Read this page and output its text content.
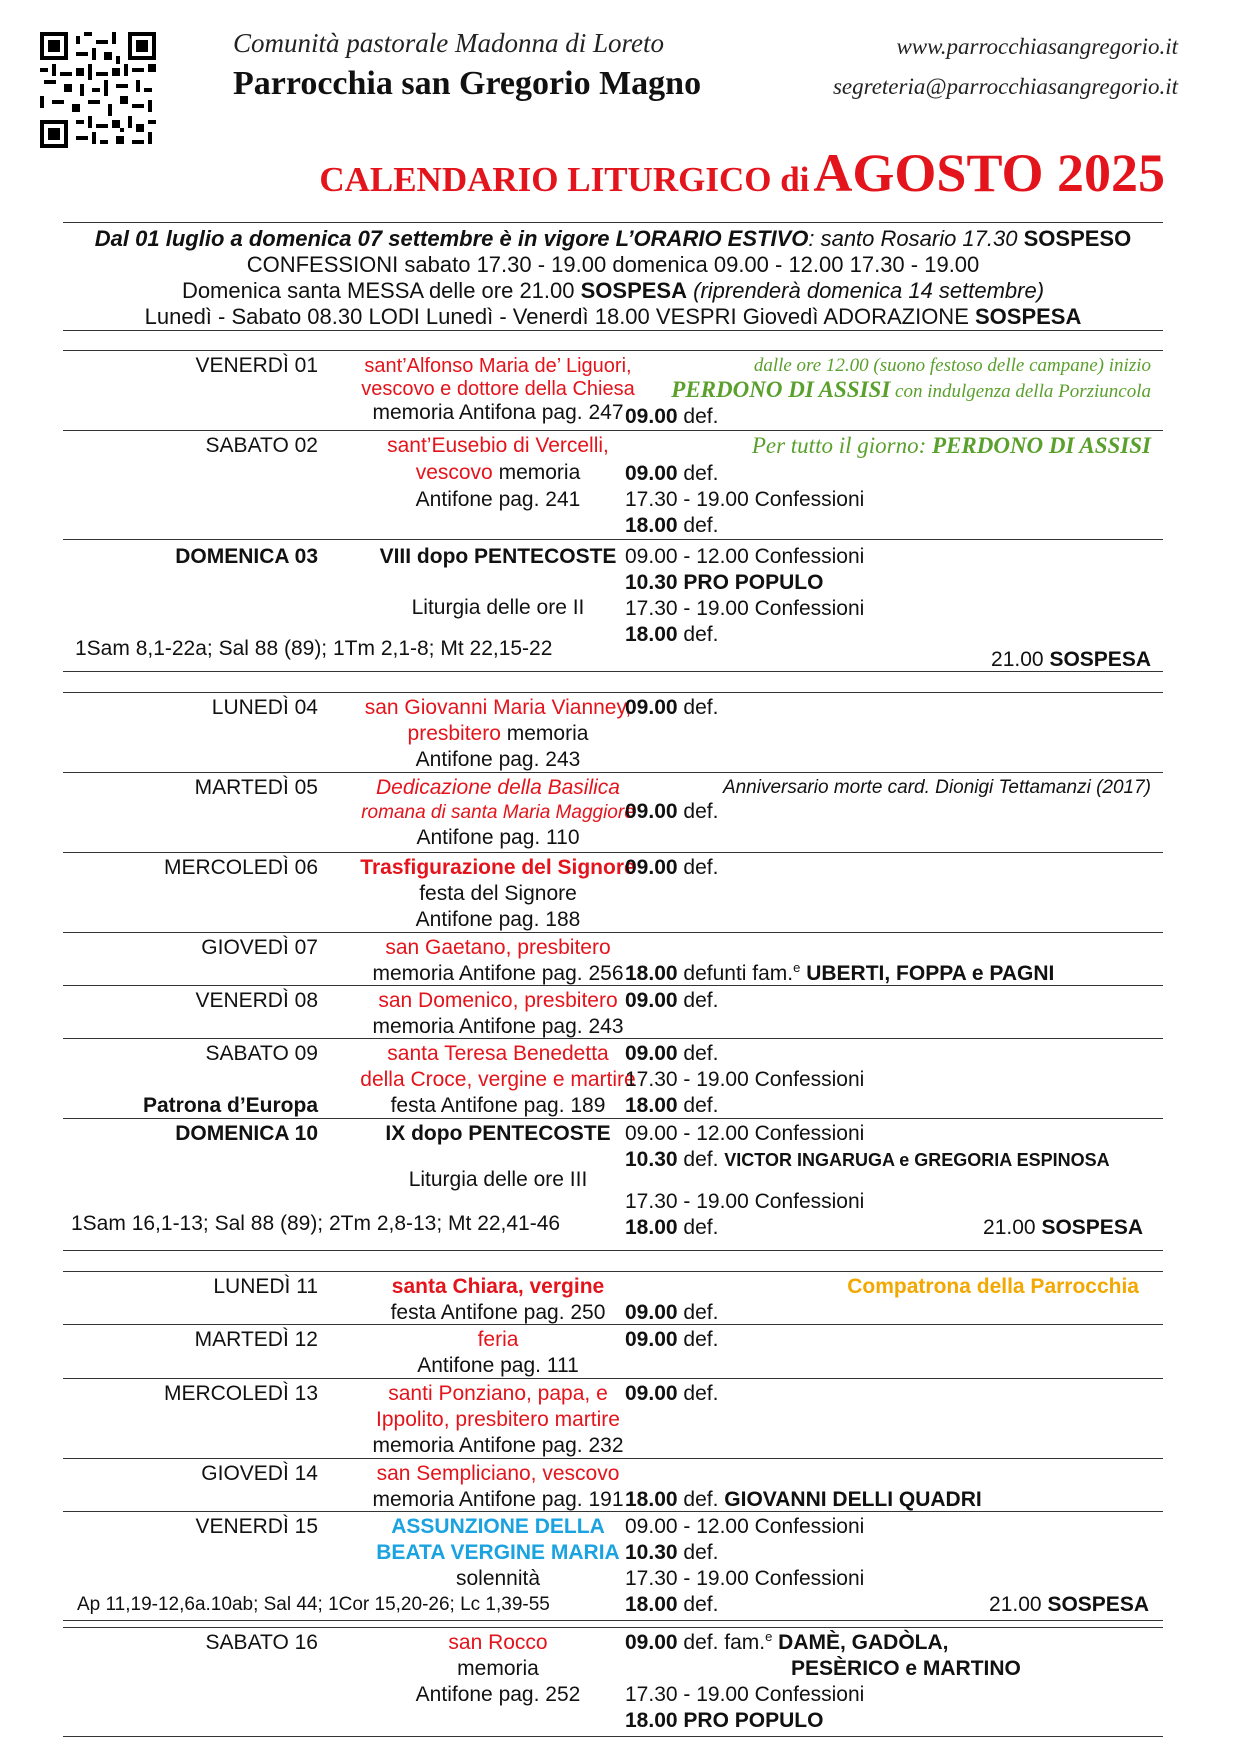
Comunità pastorale Madonna di Loreto
Parrocchia san Gregorio Magno
www.parrocchiasangregorio.it
segreteria@parrocchiasangregorio.it
CALENDARIO LITURGICO di AGOSTO 2025
Dal 01 luglio a domenica 07 settembre è in vigore L’ORARIO ESTIVO: santo Rosario 17.30 SOSPESO
CONFESSIONI sabato 17.30 - 19.00 domenica 09.00 - 12.00 17.30 - 19.00
Domenica santa MESSA delle ore 21.00 SOSPESA (riprenderà domenica 14 settembre)
Lunedì - Sabato 08.30 LODI Lunedì - Venerdì 18.00 VESPRI Giovedì ADORAZIONE SOSPESA
VENERDÌ 01	sant’Alfonso Maria de’ Liguori,
vescovo e dottore della Chiesa
memoria Antifona pag. 247
dalle ore 12.00 (suono festoso delle campane) inizio
PERDONO DI ASSISI con indulgenza della Porziuncola
09.00 def.
SABATO 02	sant’Eusebio di Vercelli,
vescovo memoria
Antifone pag. 241
Per tutto il giorno: PERDONO DI ASSISI
09.00 def.
17.30 - 19.00 Confessioni
18.00 def.
DOMENICA 03	VIII dopo PENTECOSTE
Liturgia delle ore II
1Sam 8,1-22a; Sal 88 (89); 1Tm 2,1-8; Mt 22,15-22
09.00 - 12.00 Confessioni
10.30 PRO POPULO
17.30 - 19.00 Confessioni
18.00 def.
21.00 SOSPESA
LUNEDÌ 04	san Giovanni Maria Vianney,
presbitero memoria
Antifone pag. 243
09.00 def.
MARTEDÌ 05	Dedicazione della Basilica
romana di santa Maria Maggiore
Antifone pag. 110
Anniversario morte card. Dionigi Tettamanzi (2017)
09.00 def.
MERCOLEDÌ 06	Trasfigurazione del Signore
festa del Signore
Antifone pag. 188
09.00 def.
GIOVEDÌ 07	san Gaetano, presbitero
memoria Antifone pag. 256 18.00 defunti fam.$^e$ UBERTI, FOPPA e PAGNI
VENERDÌ 08	san Domenico, presbitero
memoria Antifone pag. 243
09.00 def.
SABATO 09
Patrona d’Europa
santa Teresa Benedetta
della Croce, vergine e martire
festa Antifone pag. 189
09.00 def.
17.30 - 19.00 Confessioni
18.00 def.
DOMENICA 10	IX dopo PENTECOSTE
Liturgia delle ore III
1Sam 16,1-13; Sal 88 (89); 2Tm 2,8-13; Mt 22,41-46
09.00 - 12.00 Confessioni
10.30 def. VICTOR INGARUGA e GREGORIA ESPINOSA
17.30 - 19.00 Confessioni
18.00 def.	21.00 SOSPESA
LUNEDÌ 11	santa Chiara, vergine
festa Antifone pag. 250
Compatrona della Parrocchia
09.00 def.
MARTEDÌ 12	feria
Antifone pag. 111
09.00 def.
MERCOLEDÌ 13	santi Ponziano, papa, e
Ippolito, presbitero martire
memoria Antifone pag. 232
09.00 def.
GIOVEDÌ 14	san Sempliciano, vescovo
memoria Antifone pag. 191 18.00 def. GIOVANNI DELLI QUADRI
VENERDÌ 15	ASSUNZIONE DELLA
BEATA VERGINE MARIA
solennità
Ap 11,19-12,6a.10ab; Sal 44; 1Cor 15,20-26; Lc 1,39-55
09.00 - 12.00 Confessioni
10.30 def.
17.30 - 19.00 Confessioni
18.00 def.	21.00 SOSPESA
SABATO 16	san Rocco
memoria
Antifone pag. 252
09.00 def. fam.$^e$ DAMÈ, GADÒLA,
PESÈRICO e MARTINO
17.30 - 19.00 Confessioni
18.00 PRO POPULO
